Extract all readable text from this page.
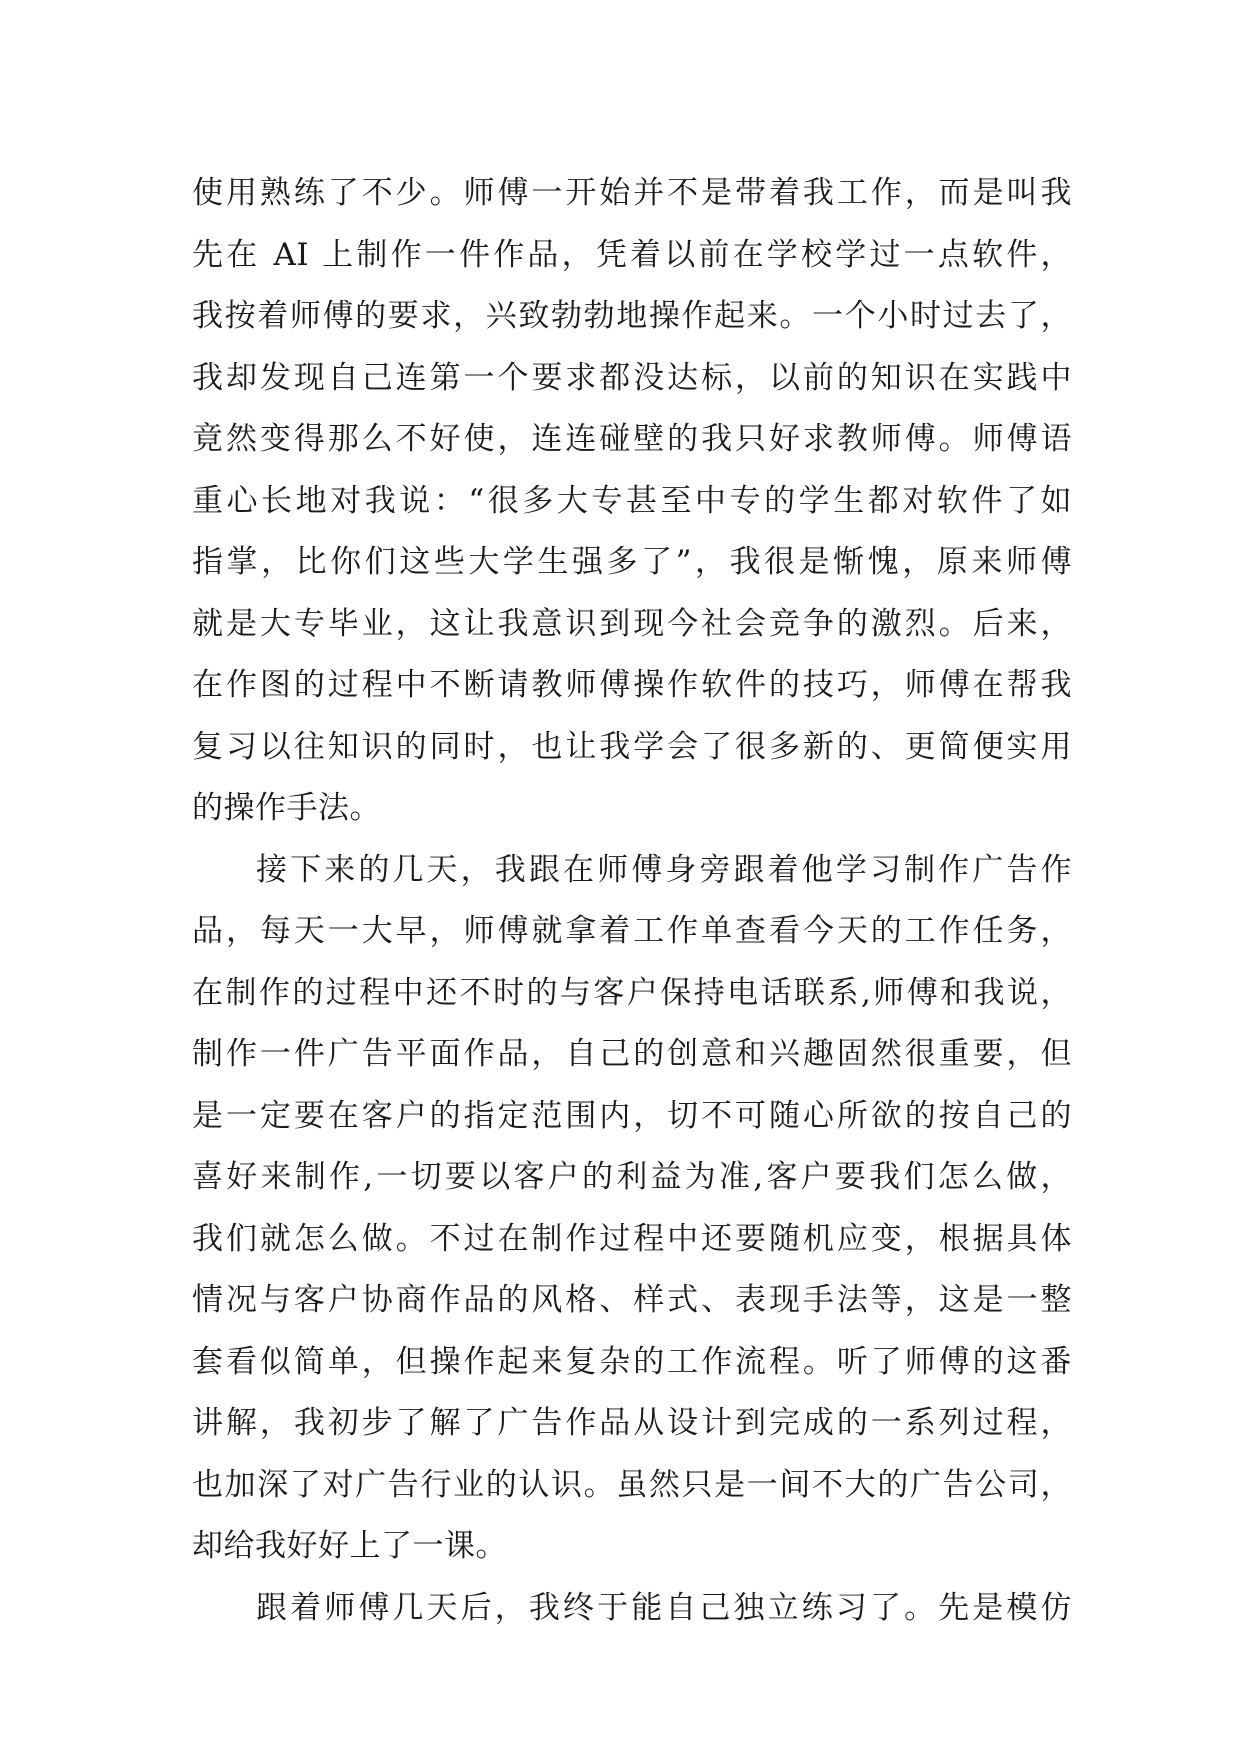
使用熟练了不少。师傅一开始并不是带着我工作，而是叫我
先在 AI 上制作一件作品，凭着以前在学校学过一点软件，
我按着师傅的要求，兴致勃勃地操作起来。一个小时过去了，
我却发现自己连第一个要求都没达标，以前的知识在实践中
竟然变得那么不好使，连连碰壁的我只好求教师傅。师傅语
重心长地对我说：“很多大专甚至中专的学生都对软件了如
指掌，比你们这些大学生强多了”，我很是惭愧，原来师傅
就是大专毕业，这让我意识到现今社会竞争的激烈。后来，
在作图的过程中不断请教师傅操作软件的技巧，师傅在帮我
复习以往知识的同时，也让我学会了很多新的、更简便实用
的操作手法。
接下来的几天，我跟在师傅身旁跟着他学习制作广告作
品，每天一大早，师傅就拿着工作单查看今天的工作任务，
在制作的过程中还不时的与客户保持电话联系,师傅和我说，
制作一件广告平面作品，自己的创意和兴趣固然很重要，但
是一定要在客户的指定范围内，切不可随心所欲的按自己的
喜好来制作,一切要以客户的利益为准,客户要我们怎么做，
我们就怎么做。不过在制作过程中还要随机应变，根据具体
情况与客户协商作品的风格、样式、表现手法等，这是一整
套看似简单，但操作起来复杂的工作流程。听了师傅的这番
讲解，我初步了解了广告作品从设计到完成的一系列过程，
也加深了对广告行业的认识。虽然只是一间不大的广告公司，
却给我好好上了一课。
跟着师傅几天后，我终于能自己独立练习了。先是模仿
